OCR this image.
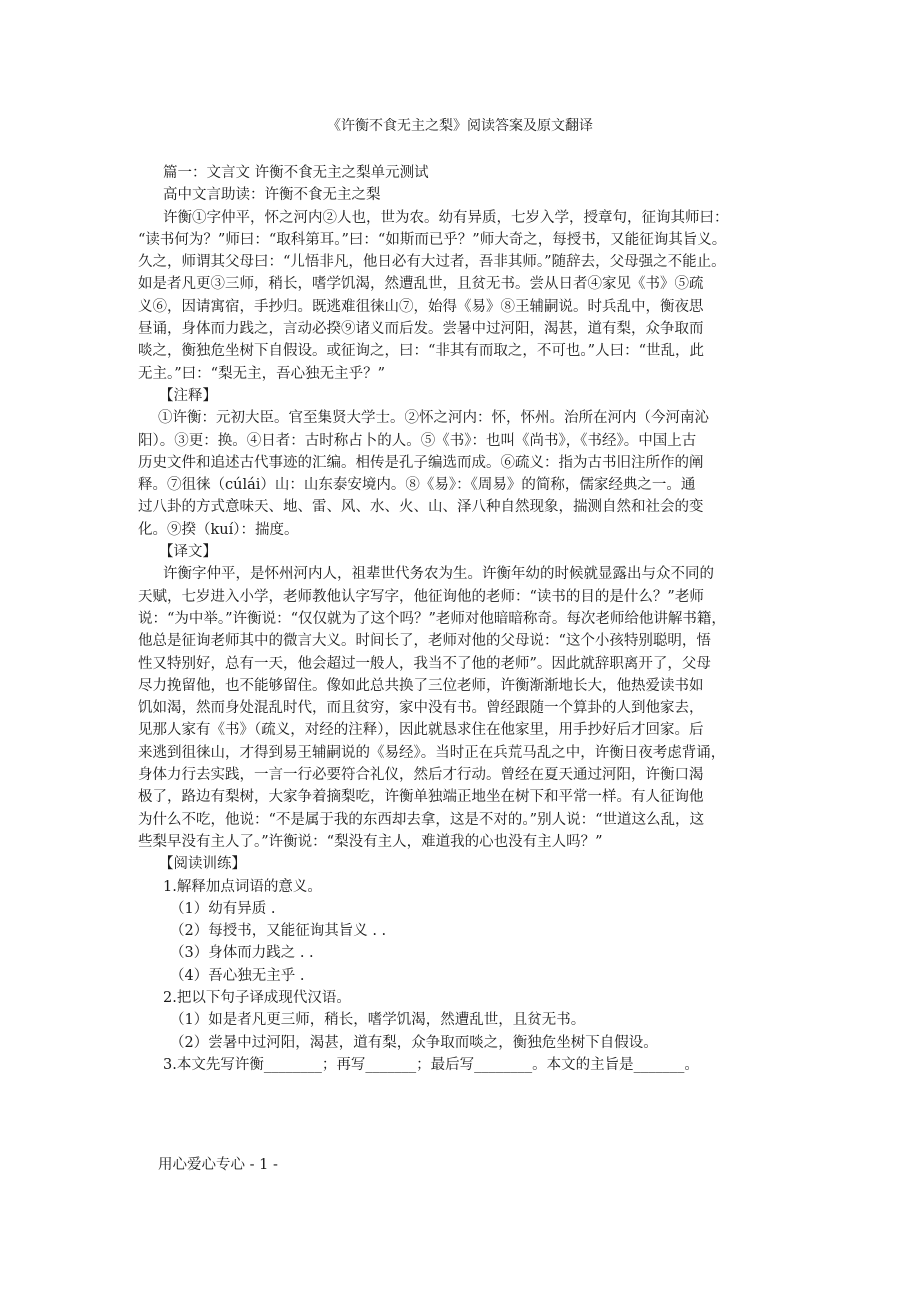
《许衡不食无主之梨》阅读答案及原文翻译
篇一：文言文 许衡不食无主之梨单元测试
高中文言助读：许衡不食无主之梨
许衡①字仲平，怀之河内②人也，世为农。幼有异质，七岁入学，授章句，征询其师曰：
“读书何为？”师曰：“取科第耳。”曰：“如斯而已乎？”师大奇之，每授书，又能征询其旨义。
久之，师谓其父母曰：“儿悟非凡，他日必有大过者，吾非其师。”随辞去，父母强之不能止。
如是者凡更③三师，稍长，嗜学饥渴，然遭乱世，且贫无书。尝从日者④家见《书》⑤疏
义⑥，因请寓宿，手抄归。既逃难徂徕山⑦，始得《易》⑧王辅嗣说。时兵乱中，衡夜思
昼诵，身体而力践之，言动必揆⑨诸义而后发。尝暑中过河阳，渴甚，道有梨，众争取而
啖之，衡独危坐树下自假设。或征询之，曰：“非其有而取之，不可也。”人曰：“世乱，此
无主。”曰：“梨无主，吾心独无主乎？”
【注释】
①许衡：元初大臣。官至集贤大学士。②怀之河内：怀，怀州。治所在河内（今河南沁
阳）。③更：换。④日者：古时称占卜的人。⑤《书》：也叫《尚书》，《书经》。中国上古
历史文件和追述古代事迹的汇编。相传是孔子编选而成。⑥疏义：指为古书旧注所作的阐
释。⑦徂徕（cúlái）山：山东泰安境内。⑧《易》：《周易》的简称，儒家经典之一。通
过八卦的方式意味天、地、雷、风、水、火、山、泽八种自然现象，揣测自然和社会的变
化。⑨揆（kuí）：揣度。
【译文】
许衡字仲平，是怀州河内人，祖辈世代务农为生。许衡年幼的时候就显露出与众不同的
天赋，七岁进入小学，老师教他认字写字，他征询他的老师：“读书的目的是什么？”老师
说：“为中举。”许衡说：“仅仅就为了这个吗？”老师对他暗暗称奇。每次老师给他讲解书籍，
他总是征询老师其中的微言大义。时间长了，老师对他的父母说：“这个小孩特别聪明，悟
性又特别好，总有一天，他会超过一般人，我当不了他的老师”。因此就辞职离开了，父母
尽力挽留他，也不能够留住。像如此总共换了三位老师，许衡渐渐地长大，他热爱读书如
饥如渴，然而身处混乱时代，而且贫穷，家中没有书。曾经跟随一个算卦的人到他家去，
见那人家有《书》（疏义，对经的注释），因此就恳求住在他家里，用手抄好后才回家。后
来逃到徂徕山，才得到易王辅嗣说的《易经》。当时正在兵荒马乱之中，许衡日夜考虑背诵，
身体力行去实践，一言一行必要符合礼仪，然后才行动。曾经在夏天通过河阳，许衡口渴
极了，路边有梨树，大家争着摘梨吃，许衡单独端正地坐在树下和平常一样。有人征询他
为什么不吃，他说：“不是属于我的东西却去拿，这是不对的。”别人说：“世道这么乱，这
些梨早没有主人了。”许衡说：“梨没有主人，难道我的心也没有主人吗？”
【阅读训练】
1.解释加点词语的意义。
（1）幼有异质 .
（2）每授书，又能征询其旨义 . .
（3）身体而力践之 . .
（4）吾心独无主乎 .
2.把以下句子译成现代汉语。
（1）如是者凡更三师，稍长，嗜学饥渴，然遭乱世，且贫无书。
（2）尝暑中过河阳，渴甚，道有梨，众争取而啖之，衡独危坐树下自假设。
3.本文先写许衡________；再写_______；最后写________。本文的主旨是_______。
用心爱心专心 - 1 -
